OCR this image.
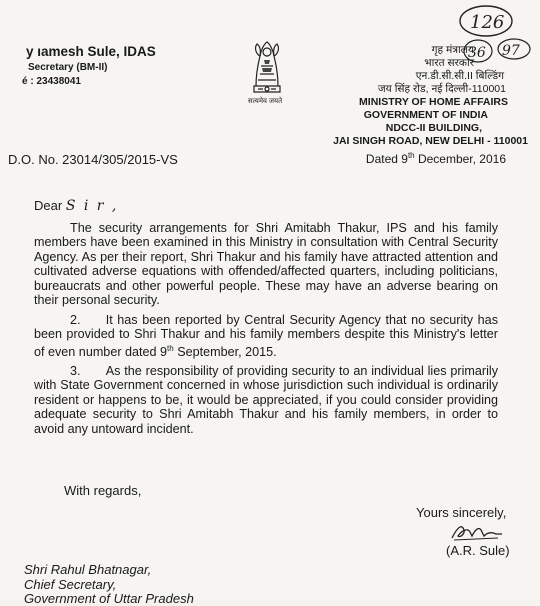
y ıamesh Sule, IDAS
Secretary (BM-II)
é : 23438041
सत्यमेव जयते
126
36 97
गृह मंत्रालय
भारत सरकार
एन.डी.सी.सी.II बिल्डिंग
जय सिंह रोड, नई दिल्ली-110001
MINISTRY OF HOME AFFAIRS
GOVERNMENT OF INDIA
NDCC-II BUILDING,
JAI SINGH ROAD, NEW DELHI - 110001
Dated 9th December, 2016
D.O. No. 23014/305/2015-VS
Dear S i r ,
The security arrangements for Shri Amitabh Thakur, IPS and his family members have been examined in this Ministry in consultation with Central Security Agency. As per their report, Shri Thakur and his family have attracted attention and cultivated adverse equations with offended/affected quarters, including politicians, bureaucrats and other powerful people. These may have an adverse bearing on their personal security.
2.  It has been reported by Central Security Agency that no security has been provided to Shri Thakur and his family members despite this Ministry's letter of even number dated 9th September, 2015.
3.  As the responsibility of providing security to an individual lies primarily with State Government concerned in whose jurisdiction such individual is ordinarily resident or happens to be, it would be appreciated, if you could consider providing adequate security to Shri Amitabh Thakur and his family members, in order to avoid any untoward incident.
With regards,
Yours sincerely,
(A.R. Sule)
Shri Rahul Bhatnagar,
Chief Secretary,
Government of Uttar Pradesh
